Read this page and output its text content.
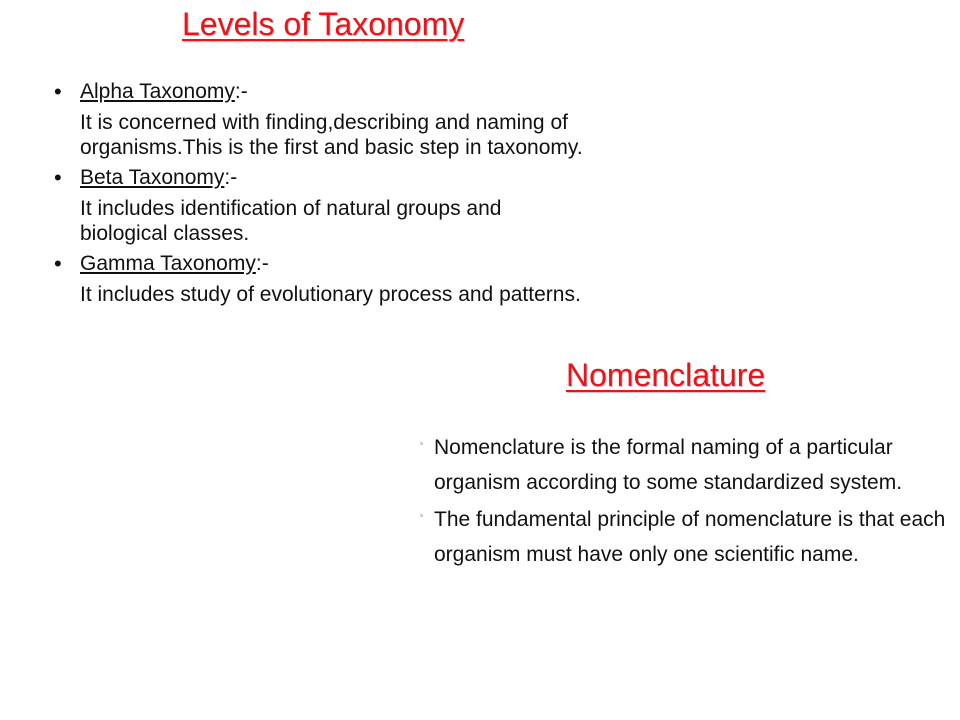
Levels of Taxonomy
• Alpha Taxonomy:-
It is concerned with finding,describing and naming of organisms.This is the first and basic step in taxonomy.
• Beta Taxonomy:-
It includes identification of natural groups and biological classes.
• Gamma Taxonomy:-
It includes study of evolutionary process and patterns.
Nomenclature
Nomenclature is the formal naming of a particular organism according to some standardized system.
The fundamental principle of nomenclature is that each organism must have only one scientific name.
